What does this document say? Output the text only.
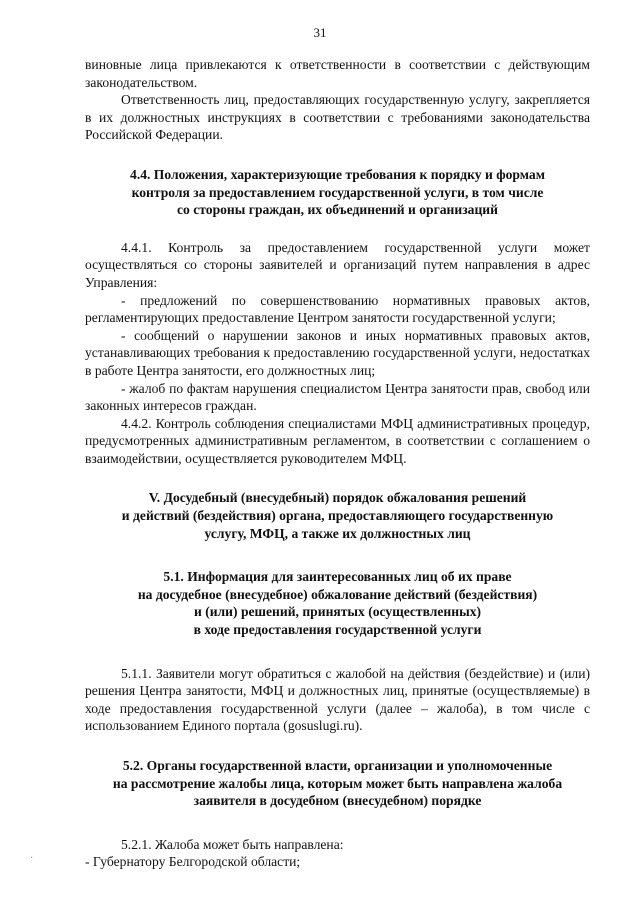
31

виновные лица привлекаются к ответственности в соответствии с действующим законодательством.

Ответственность лиц, предоставляющих государственную услугу, закрепляется в их должностных инструкциях в соответствии с требованиями законодательства Российской Федерации.

4.4. Положения, характеризующие требования к порядку и формам
контроля за предоставлением государственной услуги, в том числе
со стороны граждан, их объединений и организаций

4.4.1. Контроль за предоставлением государственной услуги может осуществляться со стороны заявителей и организаций путем направления в адрес Управления:

- предложений по совершенствованию нормативных правовых актов, регламентирующих предоставление Центром занятости государственной услуги;

- сообщений о нарушении законов и иных нормативных правовых актов, устанавливающих требования к предоставлению государственной услуги, недостатках в работе Центра занятости, его должностных лиц;

- жалоб по фактам нарушения специалистом Центра занятости прав, свобод или законных интересов граждан.

4.4.2. Контроль соблюдения специалистами МФЦ административных процедур, предусмотренных административным регламентом, в соответствии с соглашением о взаимодействии, осуществляется руководителем МФЦ.

V. Досудебный (внесудебный) порядок обжалования решений
и действий (бездействия) органа, предоставляющего государственную
услугу, МФЦ, а также их должностных лиц
5.1. Информация для заинтересованных лиц об их праве
на досудебное (внесудебное) обжалование действий (бездействия)
и (или) решений, принятых (осуществленных)
в ходе предоставления государственной услуги

5.1.1. Заявители могут обратиться с жалобой на действия (бездействие) и (или) решения Центра занятости, МФЦ и должностных лиц, принятые (осуществляемые) в ходе предоставления государственной услуги (далее – жалоба), в том числе с использованием Единого портала (gosuslugi.ru).

5.2. Органы государственной власти, организации и уполномоченные
на рассмотрение жалобы лица, которым может быть направлена жалоба
заявителя в досудебном (внесудебном) порядке

5.2.1. Жалоба может быть направлена:

- Губернатору Белгородской области;

·
